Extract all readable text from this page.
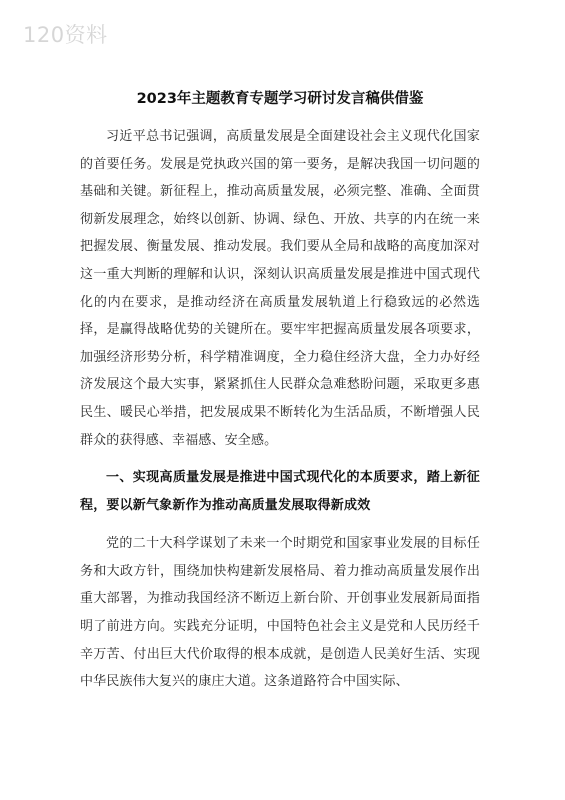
120资料
2023年主题教育专题学习研讨发言稿供借鉴

习近平总书记强调，高质量发展是全面建设社会主义现代化国家的首要任务。发展是党执政兴国的第一要务，是解决我国一切问题的基础和关键。新征程上，推动高质量发展，必须完整、准确、全面贯彻新发展理念，始终以创新、协调、绿色、开放、共享的内在统一来把握发展、衡量发展、推动发展。我们要从全局和战略的高度加深对这一重大判断的理解和认识，深刻认识高质量发展是推进中国式现代化的内在要求，是推动经济在高质量发展轨道上行稳致远的必然选择，是赢得战略优势的关键所在。要牢牢把握高质量发展各项要求，加强经济形势分析，科学精准调度，全力稳住经济大盘，全力办好经济发展这个最大实事，紧紧抓住人民群众急难愁盼问题，采取更多惠民生、暖民心举措，把发展成果不断转化为生活品质，不断增强人民群众的获得感、幸福感、安全感。

一、实现高质量发展是推进中国式现代化的本质要求，踏上新征程，要以新气象新作为推动高质量发展取得新成效

党的二十大科学谋划了未来一个时期党和国家事业发展的目标任务和大政方针，围绕加快构建新发展格局、着力推动高质量发展作出重大部署，为推动我国经济不断迈上新台阶、开创事业发展新局面指明了前进方向。实践充分证明，中国特色社会主义是党和人民历经千辛万苦、付出巨大代价取得的根本成就，是创造人民美好生活、实现中华民族伟大复兴的康庄大道。这条道路符合中国实际、
